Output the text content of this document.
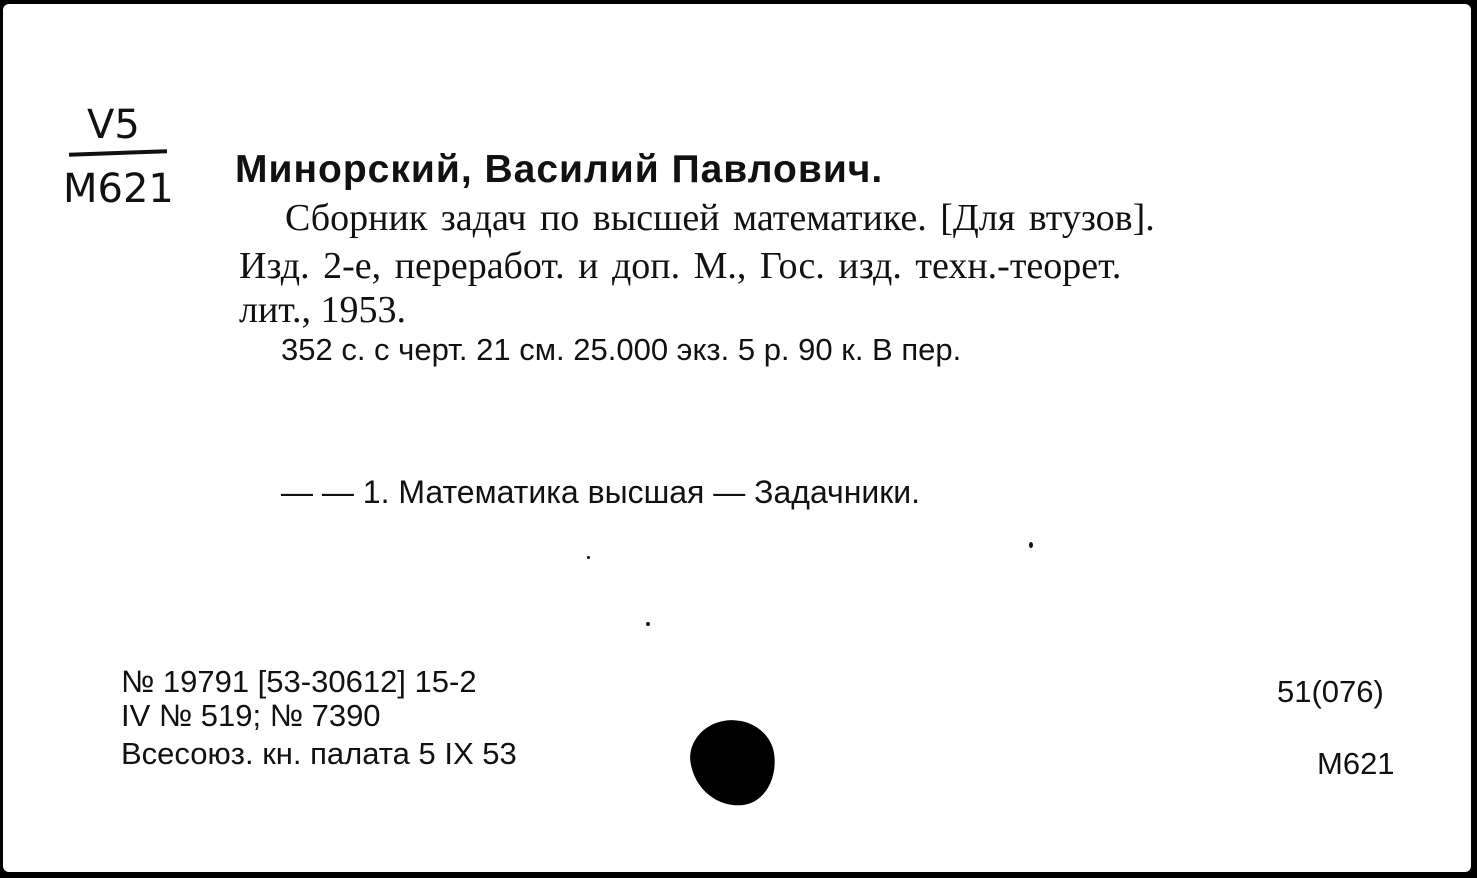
V5
M621 Минорский, Василий Павлович.
Сборник задач по высшей математике. [Для втузов].
Изд. 2-е, переработ. и доп. М., Гос. изд. техн.-теорет.
лит., 1953.
352 с. с черт. 21 см. 25.000 экз. 5 р. 90 к. В пер.
— — 1. Математика высшая — Задачники.
№ 19791 [53-30612] 15-2
IV № 519; № 7390
Всесоюз. кн. палата 5 IX 53
51(076)
M621
